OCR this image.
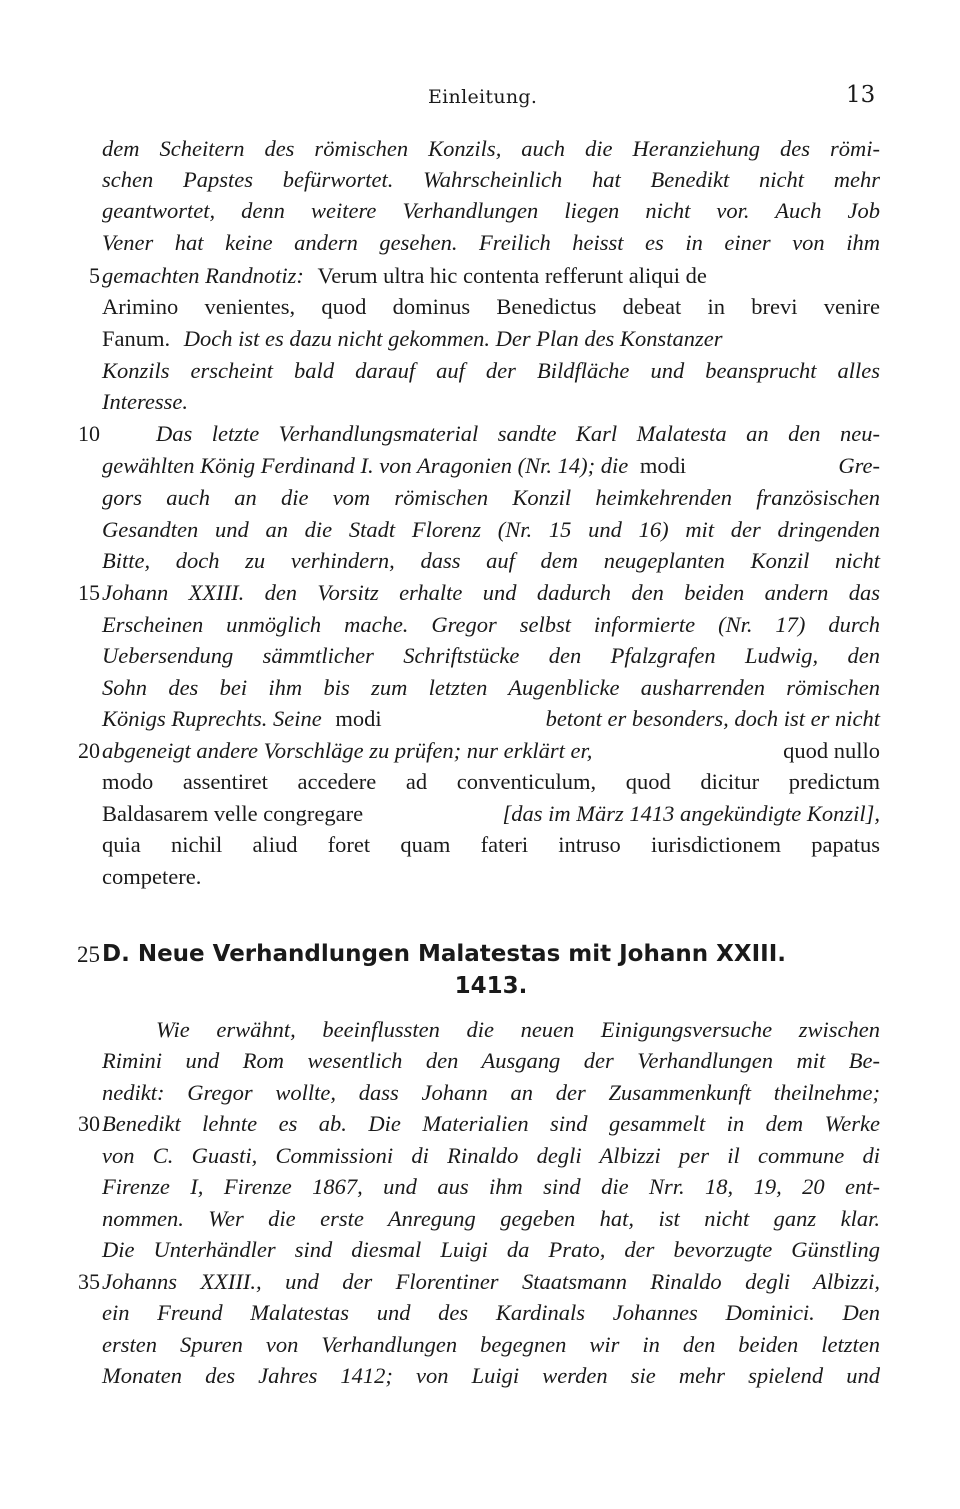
Einleitung.	13
dem Scheitern des römischen Konzils, auch die Heranziehung des römi-
schen Papstes befürwortet. Wahrscheinlich hat Benedikt nicht mehr
geantwortet, denn weitere Verhandlungen liegen nicht vor. Auch Job
Vener hat keine andern gesehen. Freilich heisst es in einer von ihm
5 gemachten Randnotiz: Verum ultra hic contenta refferunt aliqui de
Arimino venientes, quod dominus Benedictus debeat in brevi venire
Fanum. Doch ist es dazu nicht gekommen. Der Plan des Konstanzer
Konzils erscheint bald darauf auf der Bildfläche und beansprucht alles
Interesse.
10 Das letzte Verhandlungsmaterial sandte Karl Malatesta an den neu-
gewählten König Ferdinand I. von Aragonien (Nr. 14); die modi	Gre-
gors auch an die vom römischen Konzil heimkehrenden französischen
Gesandten und an die Stadt Florenz (Nr. 15 und 16) mit der dringenden
Bitte, doch zu verhindern, dass auf dem neugeplanten Konzil nicht
15 Johann XXIII. den Vorsitz erhalte und dadurch den beiden andern das
Erscheinen unmöglich mache. Gregor selbst informierte (Nr. 17) durch
Uebersendung sämmtlicher Schriftstücke den Pfalzgrafen Ludwig, den
Sohn des bei ihm bis zum letzten Augenblicke ausharrenden römischen
Königs Ruprechts. Seine modi	betont er besonders, doch ist er nicht
20 abgeneigt andere Vorschläge zu prüfen; nur erklärt er,	quod nullo
modo assentiret accedere ad conventiculum, quod dicitur predictum
Baldasarem velle congregare	[das im März 1413 angekündigte Konzil],
quia nichil aliud foret quam fateri intruso iurisdictionem papatus
competere.
25 D. Neue Verhandlungen Malatestas mit Johann XXIII.
1413.
Wie erwähnt, beeinflussten die neuen Einigungsversuche zwischen
Rimini und Rom wesentlich den Ausgang der Verhandlungen mit Be-
nedikt: Gregor wollte, dass Johann an der Zusammenkunft theilnehme;
30 Benedikt lehnte es ab. Die Materialien sind gesammelt in dem Werke
von C. Guasti, Commissioni di Rinaldo degli Albizzi per il commune di
Firenze I, Firenze 1867, und aus ihm sind die Nrr. 18, 19, 20 ent-
nommen. Wer die erste Anregung gegeben hat, ist nicht ganz klar.
Die Unterhändler sind diesmal Luigi da Prato, der bevorzugte Günstling
35 Johanns XXIII., und der Florentiner Staatsmann Rinaldo degli Albizzi,
ein Freund Malatestas und des Kardinals Johannes Dominici. Den
ersten Spuren von Verhandlungen begegnen wir in den beiden letzten
Monaten des Jahres 1412; von Luigi werden sie mehr spielend und
